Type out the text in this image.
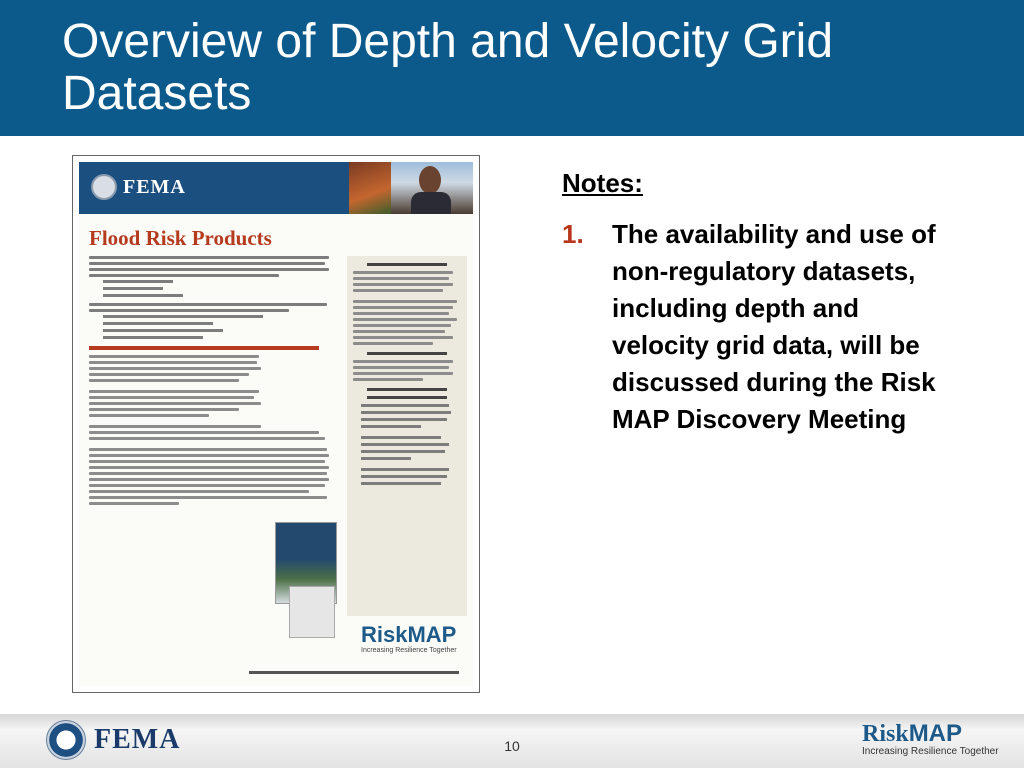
Overview of Depth and Velocity Grid Datasets
FEMA
Flood Risk Products
RiskMAP
Increasing Resilience Together
Notes:
1.	The availability and use of non-regulatory datasets, including depth and velocity grid data, will be discussed during the Risk MAP Discovery Meeting
FEMA	10	RiskMAP
Increasing Resilience Together
